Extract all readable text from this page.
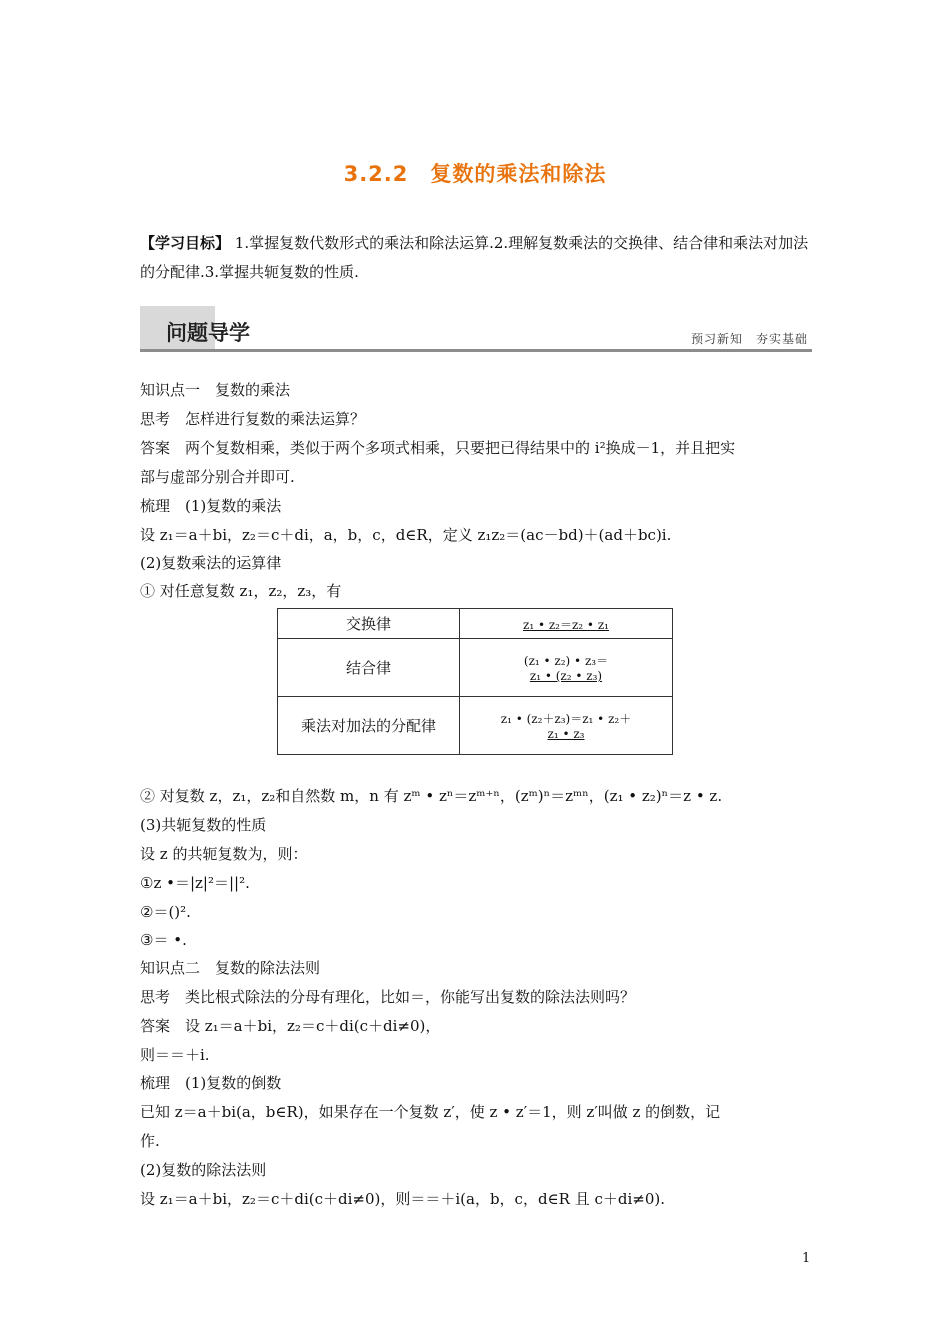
3.2.2　复数的乘法和除法
【学习目标】 1.掌握复数代数形式的乘法和除法运算.2.理解复数乘法的交换律、结合律和乘法对加法的分配律.3.掌握共轭复数的性质.
问题导学	预习新知　夯实基础
知识点一　复数的乘法
思考　怎样进行复数的乘法运算？
答案　两个复数相乘，类似于两个多项式相乘，只要把已得结果中的 i²换成－1，并且把实
部与虚部分别合并即可.
梳理　(1)复数的乘法
设 z₁＝a＋bi，z₂＝c＋di，a，b，c，d∈R，定义 z₁z₂＝(ac－bd)＋(ad＋bc)i.
(2)复数乘法的运算律
① 对任意复数 z₁，z₂，z₃，有
交换律	z₁ • z₂＝z₂ • z₁
结合律	(z₁ • z₂) • z₃＝
z₁ • (z₂ • z₃)

乘法对加法的分配律	z₁ • (z₂＋z₃)＝z₁ • z₂＋
z₁ • z₃
② 对复数 z，z₁，z₂和自然数 m，n 有 zᵐ • zⁿ＝zᵐ⁺ⁿ，(zᵐ)ⁿ＝zᵐⁿ，(z₁ • z₂)ⁿ＝z • z.
(3)共轭复数的性质
设 z 的共轭复数为，则：
①z •＝|z|²＝||².
②＝()².
③＝ •.
知识点二　复数的除法法则
思考　类比根式除法的分母有理化，比如＝，你能写出复数的除法法则吗？
答案　设 z₁＝a＋bi，z₂＝c＋di(c＋di≠0)，
则＝＝＋i.
梳理　(1)复数的倒数
已知 z＝a＋bi(a，b∈R)，如果存在一个复数 z′，使 z • z′＝1，则 z′叫做 z 的倒数，记
作.
(2)复数的除法法则
设 z₁＝a＋bi，z₂＝c＋di(c＋di≠0)，则＝＝＋i(a，b，c，d∈R 且 c＋di≠0).
1
